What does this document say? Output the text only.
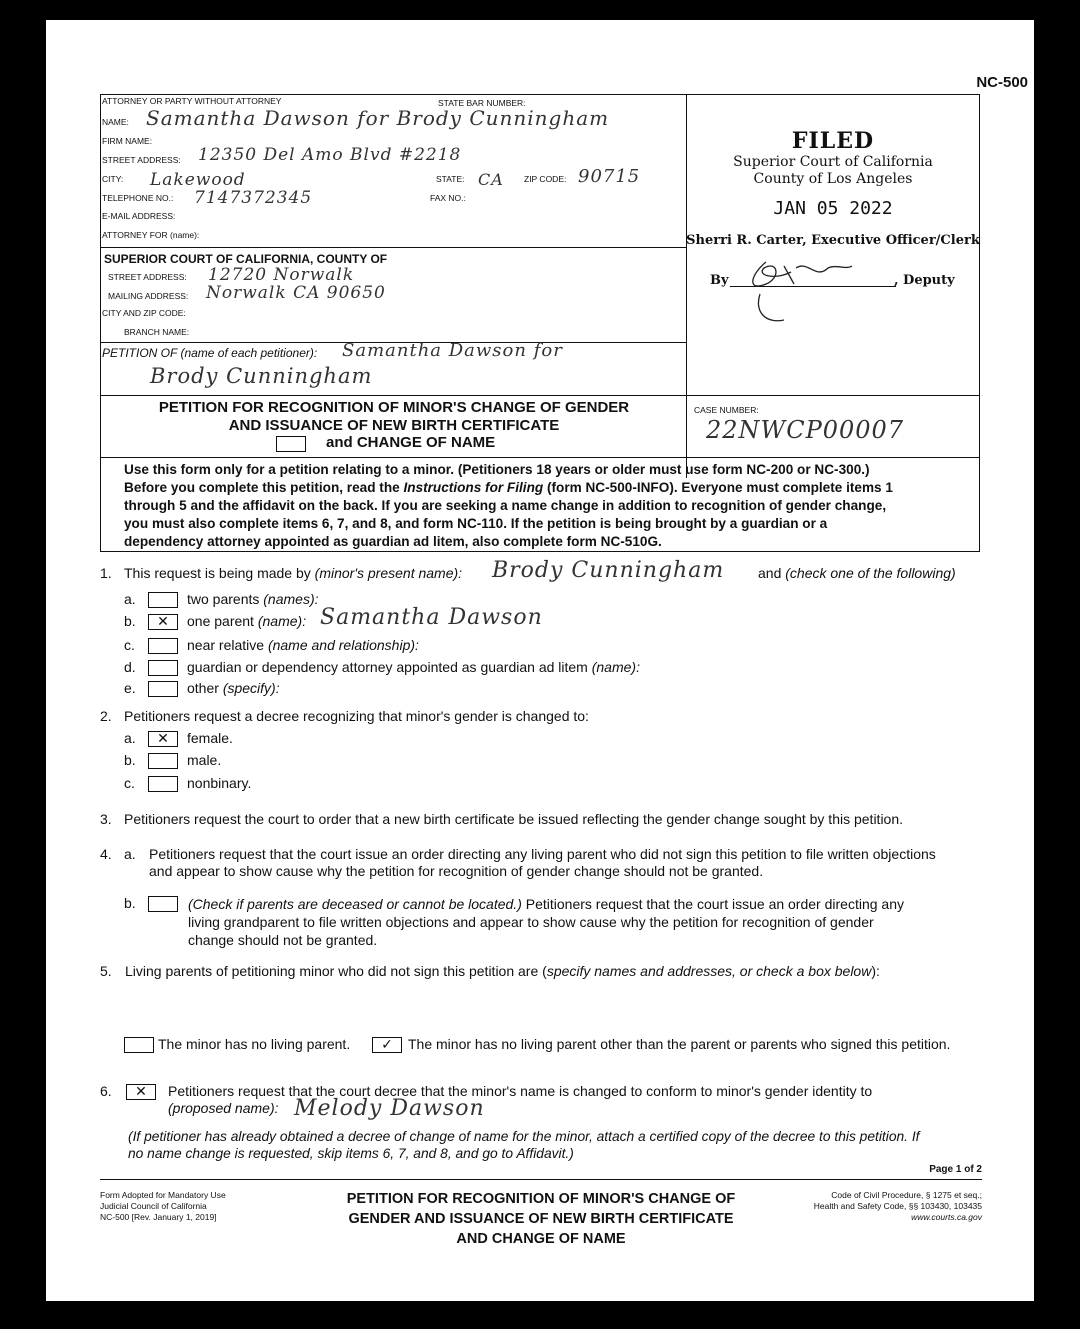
NC-500
ATTORNEY OR PARTY WITHOUT ATTORNEY	STATE BAR NUMBER:
NAME: Samantha Dawson for Brody Cunningham
FIRM NAME:
STREET ADDRESS: 12350 Del Amo Blvd #2218
CITY: Lakewood	STATE: CA ZIP CODE: 90715
TELEPHONE NO.: 7147372345	FAX NO.:
E-MAIL ADDRESS:
ATTORNEY FOR (name):
FILED
Superior Court of California
County of Los Angeles
JAN 05 2022
Sherri R. Carter, Executive Officer/Clerk
By	, Deputy
SUPERIOR COURT OF CALIFORNIA, COUNTY OF
STREET ADDRESS: 12720 Norwalk
MAILING ADDRESS: Norwalk CA 90650
CITY AND ZIP CODE:
BRANCH NAME:
PETITION OF (name of each petitioner): Samantha Dawson for
Brody Cunningham
PETITION FOR RECOGNITION OF MINOR'S CHANGE OF GENDER
AND ISSUANCE OF NEW BIRTH CERTIFICATE
and CHANGE OF NAME
CASE NUMBER:
22NWCP00007
Use this form only for a petition relating to a minor. (Petitioners 18 years or older must use form NC-200 or NC-300.)
Before you complete this petition, read the Instructions for Filing (form NC-500-INFO). Everyone must complete items 1
through 5 and the affidavit on the back. If you are seeking a name change in addition to recognition of gender change,
you must also complete items 6, 7, and 8, and form NC-110. If the petition is being brought by a guardian or a
dependency attorney appointed as guardian ad litem, also complete form NC-510G.
1. This request is being made by (minor's present name): Brody Cunningham and (check one of the following)
a.	two parents (names):
b.	✕	one parent (name): Samantha Dawson
c.	near relative (name and relationship):
d.	guardian or dependency attorney appointed as guardian ad litem (name):
e.	other (specify):
2. Petitioners request a decree recognizing that minor's gender is changed to:
a.	✕	female.
b.	male.
c.	nonbinary.
3. Petitioners request the court to order that a new birth certificate be issued reflecting the gender change sought by this petition.
4. a. Petitioners request that the court issue an order directing any living parent who did not sign this petition to file written objections
and appear to show cause why the petition for recognition of gender change should not be granted.
b.	(Check if parents are deceased or cannot be located.) Petitioners request that the court issue an order directing any
living grandparent to file written objections and appear to show cause why the petition for recognition of gender
change should not be granted.
5. Living parents of petitioning minor who did not sign this petition are (specify names and addresses, or check a box below):
The minor has no living parent.	✓	The minor has no living parent other than the parent or parents who signed this petition.
6.	✕	Petitioners request that the court decree that the minor's name is changed to conform to minor's gender identity to
(proposed name): Melody Dawson
(If petitioner has already obtained a decree of change of name for the minor, attach a certified copy of the decree to this petition. If
no name change is requested, skip items 6, 7, and 8, and go to Affidavit.)
Page 1 of 2
Form Adopted for Mandatory Use
Judicial Council of California
NC-500 [Rev. January 1, 2019]
PETITION FOR RECOGNITION OF MINOR'S CHANGE OF
GENDER AND ISSUANCE OF NEW BIRTH CERTIFICATE
AND CHANGE OF NAME
Code of Civil Procedure, § 1275 et seq.;
Health and Safety Code, §§ 103430, 103435
www.courts.ca.gov
